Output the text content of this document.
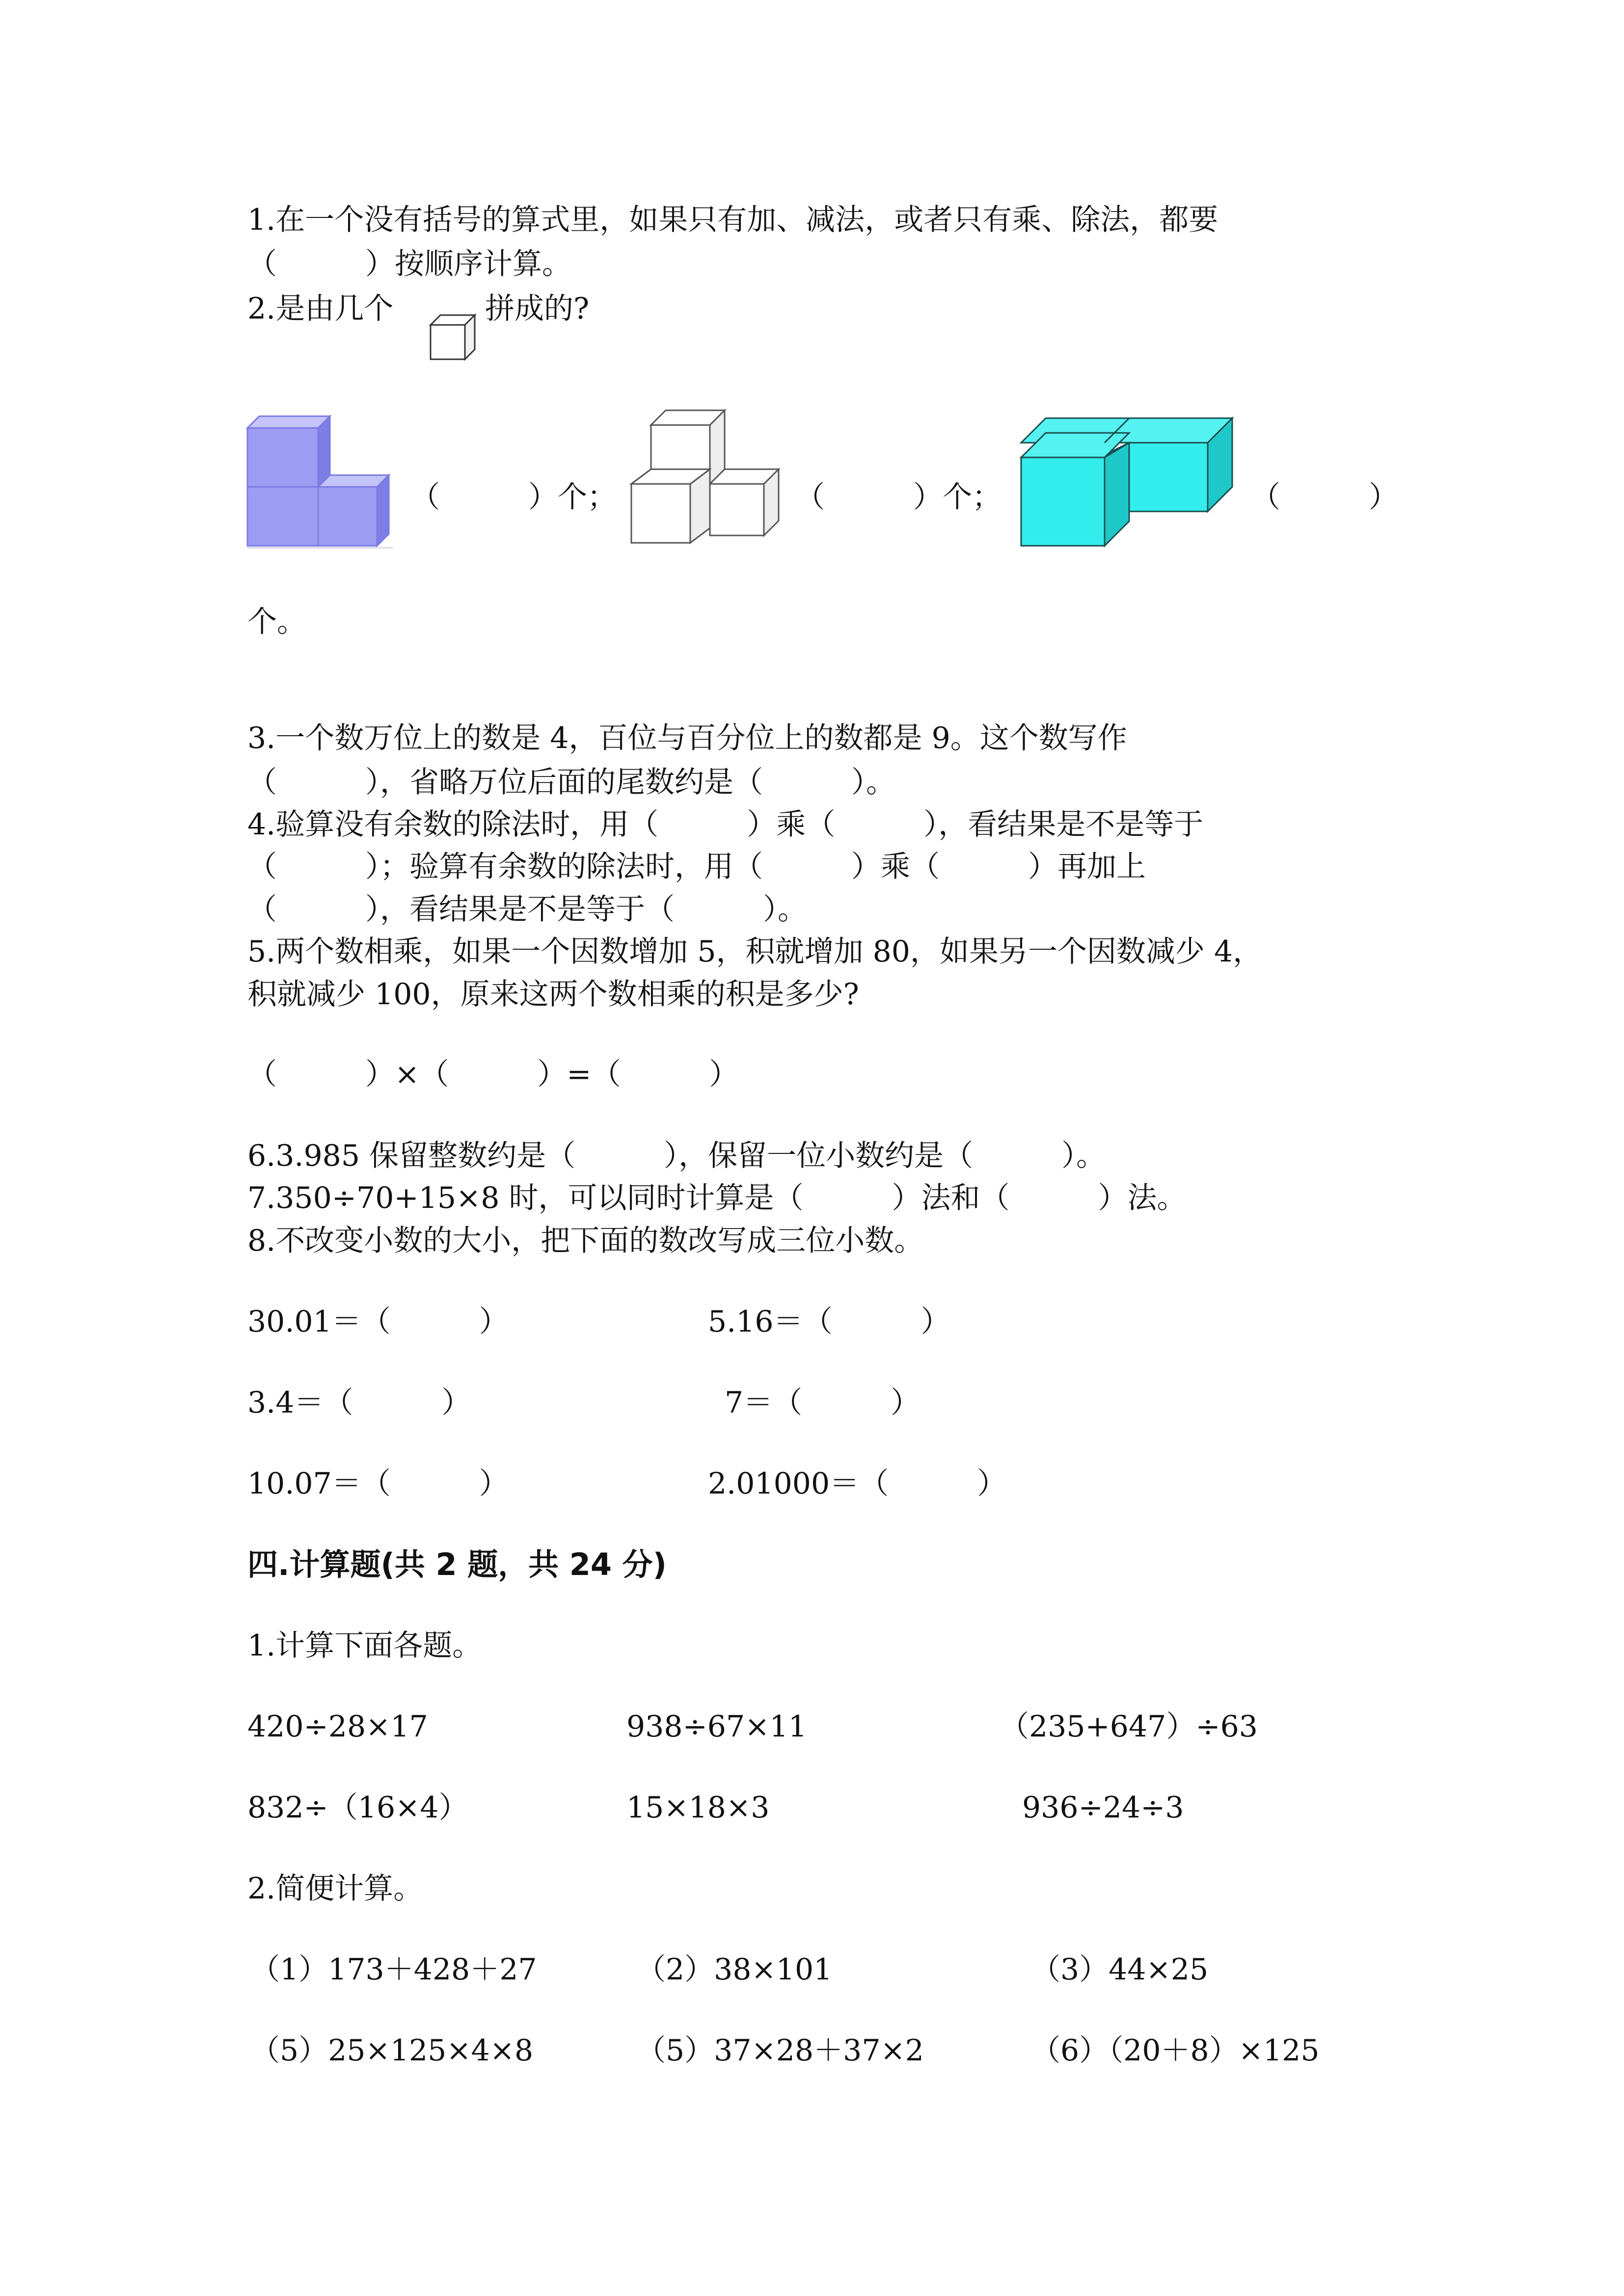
1.在一个没有括号的算式里，如果只有加、减法，或者只有乘、除法，都要
（　　　）按顺序计算。
2.是由几个	拼成的?
（　　　）个；	（　　　）个；	（　　　）
个。
3.一个数万位上的数是 4，百位与百分位上的数都是 9。这个数写作
（　　　），省略万位后面的尾数约是（　　　）。
4.验算没有余数的除法时，用（　　　）乘（　　　），看结果是不是等于
（　　　）；验算有余数的除法时，用（　　　）乘（　　　）再加上
（　　　），看结果是不是等于（　　　）。
5.两个数相乘，如果一个因数增加 5，积就增加 80，如果另一个因数减少 4，
积就减少 100，原来这两个数相乘的积是多少?
（　　　）×（　　　）=（　　　）
6.3.985 保留整数约是（　　　），保留一位小数约是（　　　）。
7.350÷70+15×8 时，可以同时计算是（　　　）法和（　　　）法。
8.不改变小数的大小，把下面的数改写成三位小数。
30.01＝（　　　）	5.16＝（　　　）
3.4＝（　　　）	7＝（　　　）
10.07＝（　　　）	2.01000＝（　　　）
四.计算题(共 2 题，共 24 分)
1.计算下面各题。
420÷28×17	938÷67×11	（235+647）÷63
832÷（16×4）	15×18×3	936÷24÷3
2.简便计算。
（1）173＋428＋27	（2）38×101	（3）44×25
（5）25×125×4×8	（5）37×28＋37×2	（6）（20＋8）×125
